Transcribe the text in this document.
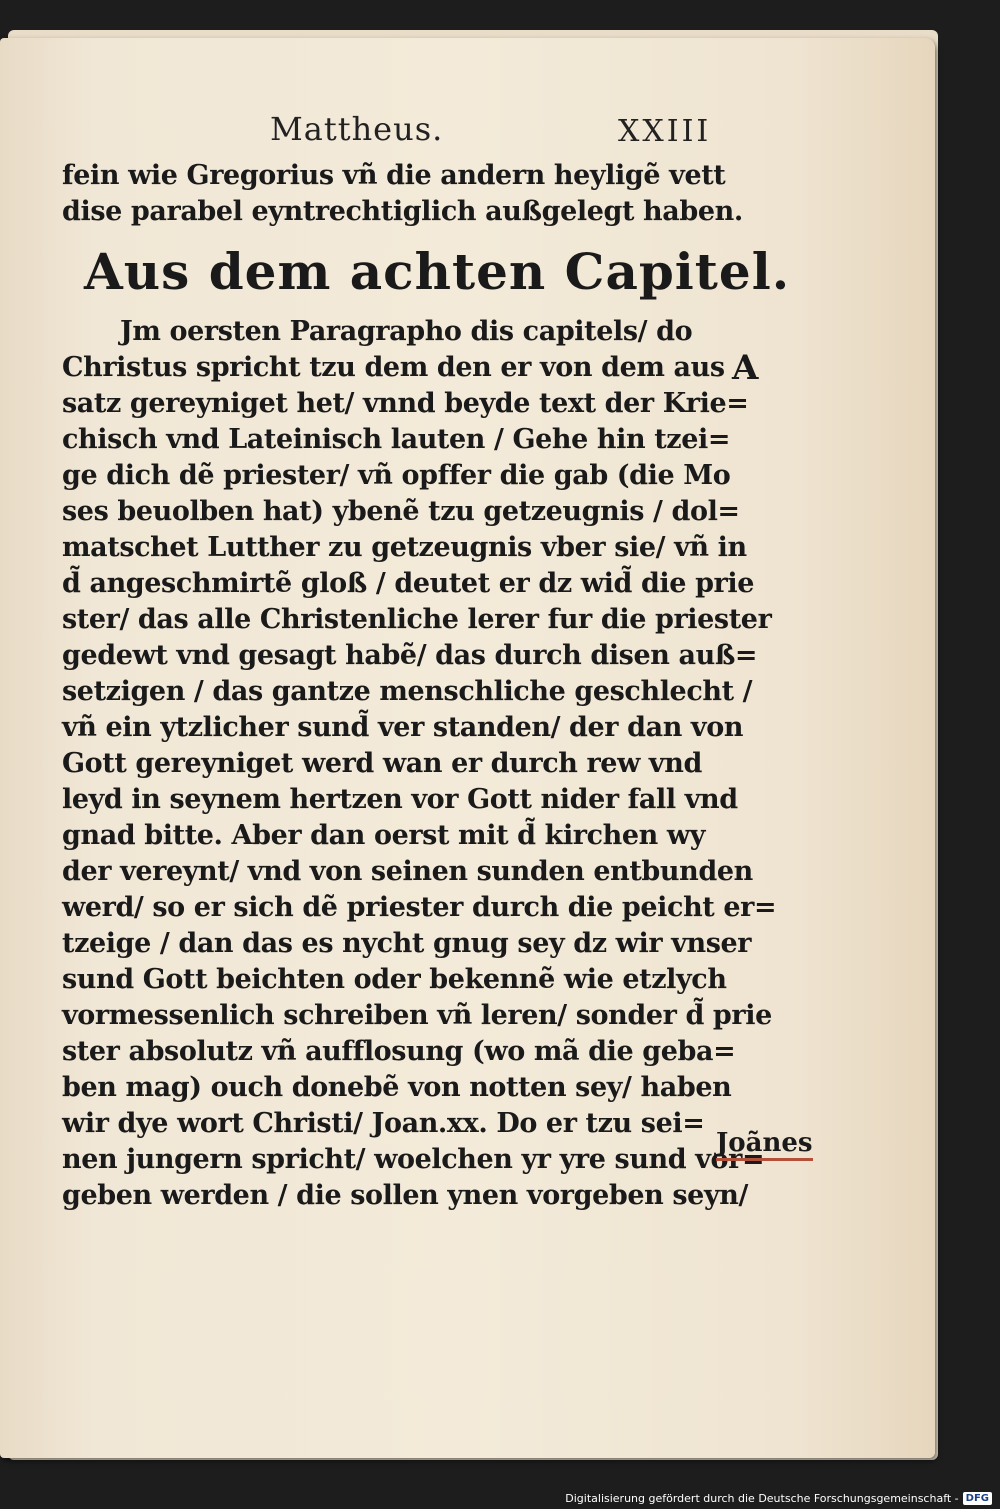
Mattheus.	XXIII
fein wie Gregorius vñ die andern heyligẽ vett
dise parabel eyntrechtiglich außgelegt haben.
Aus dem achten Capitel.
Jm oersten Paragrapho dis capitels/ do
Christus spricht tzu dem den er von dem aus
satz gereyniget het/ vnnd beyde text der Krie=
chisch vnd Lateinisch lauten / Gehe hin tzei=
ge dich dẽ priester/ vñ opffer die gab (die Mo
ses beuolben hat) ybenẽ tzu getzeugnis / dol=
matschet Lutther zu getzeugnis vber sie/ vñ in
d̃ angeschmirtẽ gloß / deutet er dz wid̃ die prie
ster/ das alle Christenliche lerer fur die priester
gedewt vnd gesagt habẽ/ das durch disen auß=
setzigen / das gantze menschliche geschlecht /
vñ ein ytzlicher sund̃ ver standen/ der dan von
Gott gereyniget werd wan er durch rew vnd
leyd in seynem hertzen vor Gott nider fall vnd
gnad bitte. Aber dan oerst mit d̃ kirchen wy
der vereynt/ vnd von seinen sunden entbunden
werd/ so er sich dẽ priester durch die peicht er=
tzeige / dan das es nycht gnug sey dz wir vnser
sund Gott beichten oder bekennẽ wie etzlych
vormessenlich schreiben vñ leren/ sonder d̃ prie
ster absolutz vñ aufflosung (wo mã die geba=
ben mag) ouch donebẽ von notten sey/ haben
wir dye wort Christi/ Joan.xx. Do er tzu sei=
nen jungern spricht/ woelchen yr yre sund vor=
geben werden / die sollen ynen vorgeben seyn/
A
Joãnes
Digitalisierung gefördert durch die Deutsche Forschungsgemeinschaft - DFG
